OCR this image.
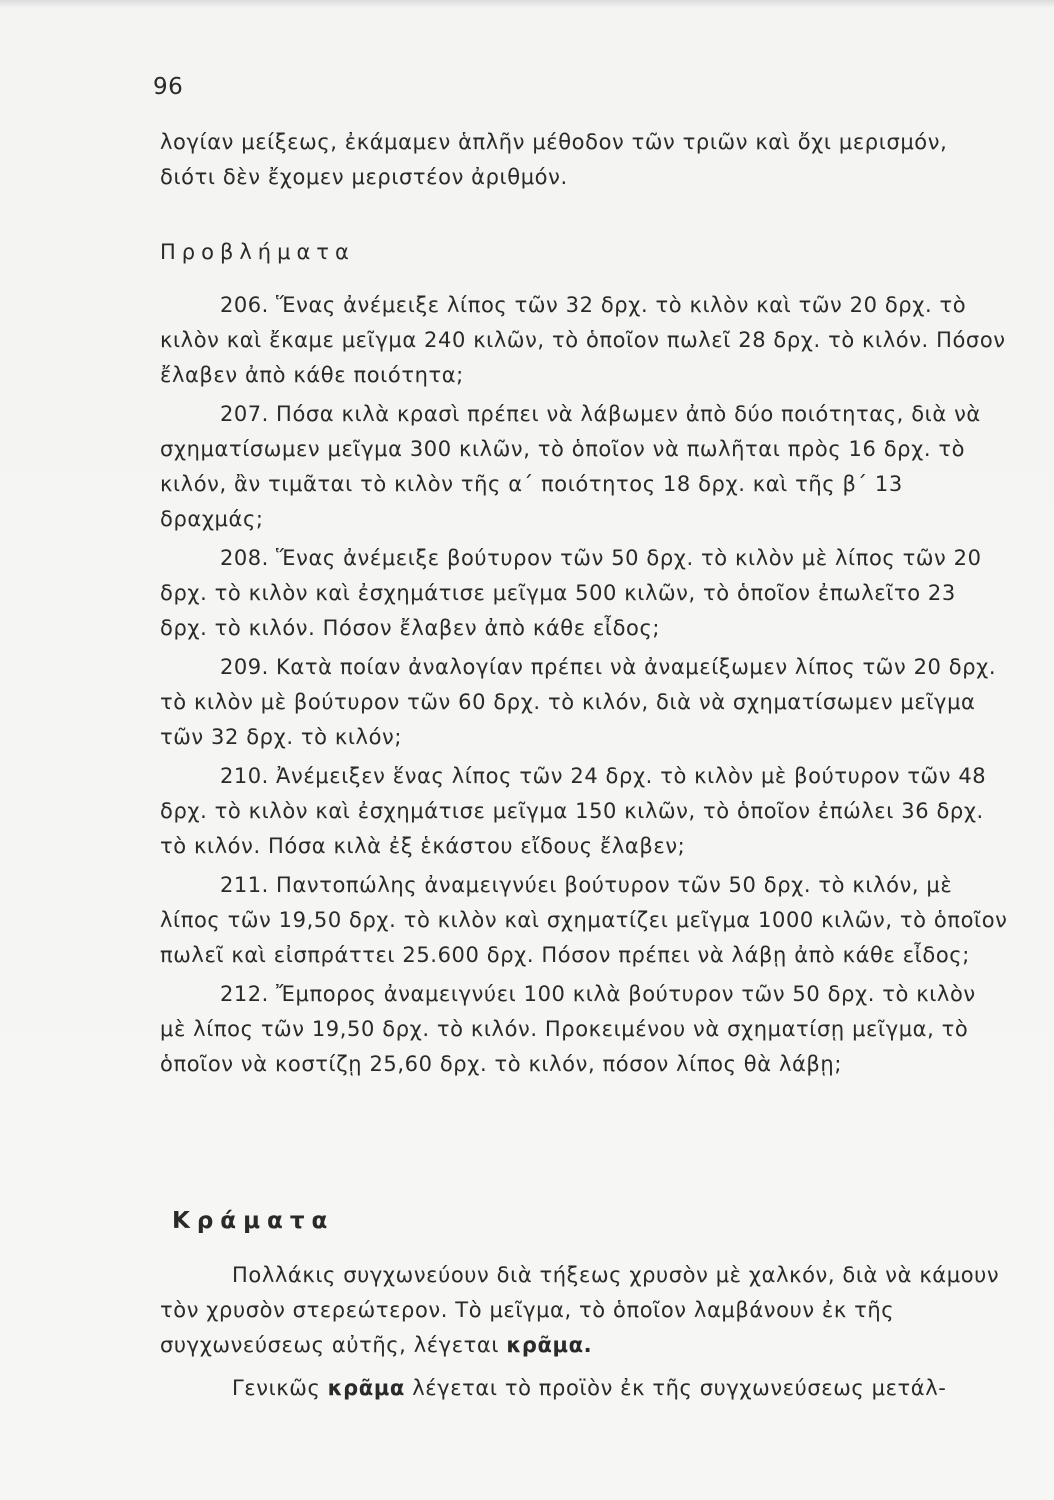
96

λογίαν μείξεως, ἐκάμαμεν ἁπλῆν μέθοδον τῶν τριῶν καὶ ὄχι μερισμόν, διότι δὲν ἔχομεν μεριστέον ἀριθμόν.

Προβλήματα

206. Ἕνας ἀνέμειξε λίπος τῶν 32 δρχ. τὸ κιλὸν καὶ τῶν 20 δρχ. τὸ κιλὸν καὶ ἔκαμε μεῖγμα 240 κιλῶν, τὸ ὁποῖον πωλεῖ 28 δρχ. τὸ κιλόν. Πόσον ἔλαβεν ἀπὸ κάθε ποιότητα;

207. Πόσα κιλὰ κρασὶ πρέπει νὰ λάβωμεν ἀπὸ δύο ποιότητας, διὰ νὰ σχηματίσωμεν μεῖγμα 300 κιλῶν, τὸ ὁποῖον νὰ πωλῆται πρὸς 16 δρχ. τὸ κιλόν, ἂν τιμᾶται τὸ κιλὸν τῆς α΄ ποιότητος 18 δρχ. καὶ τῆς β΄ 13 δραχμάς;

208. Ἕνας ἀνέμειξε βούτυρον τῶν 50 δρχ. τὸ κιλὸν μὲ λίπος τῶν 20 δρχ. τὸ κιλὸν καὶ ἐσχημάτισε μεῖγμα 500 κιλῶν, τὸ ὁποῖον ἐπωλεῖτο 23 δρχ. τὸ κιλόν. Πόσον ἔλαβεν ἀπὸ κάθε εἶδος;

209. Κατὰ ποίαν ἀναλογίαν πρέπει νὰ ἀναμείξωμεν λίπος τῶν 20 δρχ. τὸ κιλὸν μὲ βούτυρον τῶν 60 δρχ. τὸ κιλόν, διὰ νὰ σχηματίσωμεν μεῖγμα τῶν 32 δρχ. τὸ κιλόν;

210. Ἀνέμειξεν ἕνας λίπος τῶν 24 δρχ. τὸ κιλὸν μὲ βούτυρον τῶν 48 δρχ. τὸ κιλὸν καὶ ἐσχημάτισε μεῖγμα 150 κιλῶν, τὸ ὁποῖον ἐπώλει 36 δρχ. τὸ κιλόν. Πόσα κιλὰ ἐξ ἑκάστου εἴδους ἔλαβεν;

211. Παντοπώλης ἀναμειγνύει βούτυρον τῶν 50 δρχ. τὸ κιλόν, μὲ λίπος τῶν 19,50 δρχ. τὸ κιλὸν καὶ σχηματίζει μεῖγμα 1000 κιλῶν, τὸ ὁποῖον πωλεῖ καὶ εἰσπράττει 25.600 δρχ. Πόσον πρέπει νὰ λάβῃ ἀπὸ κάθε εἶδος;

212. Ἔμπορος ἀναμειγνύει 100 κιλὰ βούτυρον τῶν 50 δρχ. τὸ κιλὸν μὲ λίπος τῶν 19,50 δρχ. τὸ κιλόν. Προκειμένου νὰ σχηματίσῃ μεῖγμα, τὸ ὁποῖον νὰ κοστίζῃ 25,60 δρχ. τὸ κιλόν, πόσον λίπος θὰ λάβῃ;

Κράματα

Πολλάκις συγχωνεύουν διὰ τήξεως χρυσὸν μὲ χαλκόν, διὰ νὰ κάμουν τὸν χρυσὸν στερεώτερον. Τὸ μεῖγμα, τὸ ὁποῖον λαμβάνουν ἐκ τῆς συγχωνεύσεως αὐτῆς, λέγεται κρᾶμα.

Γενικῶς κρᾶμα λέγεται τὸ προϊὸν ἐκ τῆς συγχωνεύσεως μετάλ-
